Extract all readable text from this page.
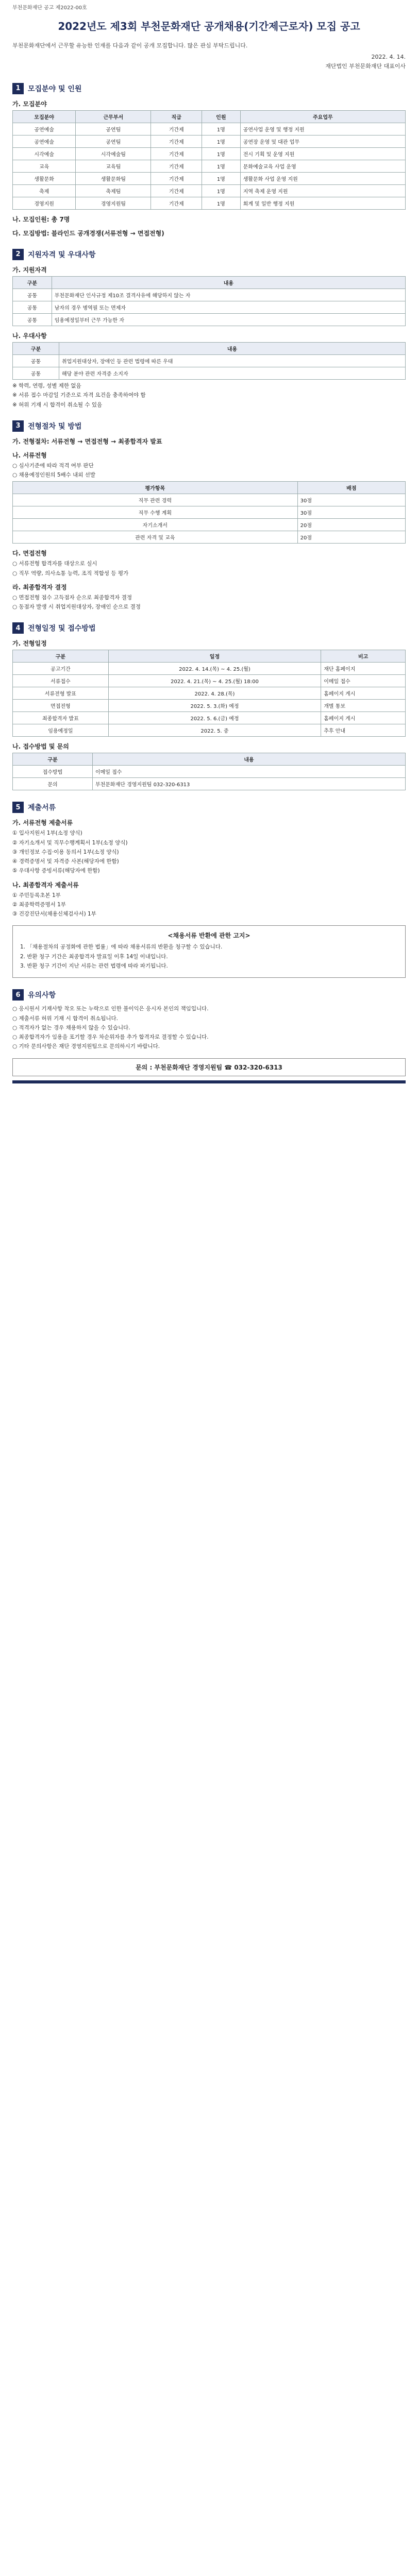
부천문화재단 공고 제2022-00호
2022년도 제3회 부천문화재단 공개채용(기간제근로자) 모집 공고
부천문화재단에서 근무할 유능한 인재를 다음과 같이 공개 모집합니다. 많은 관심 부탁드립니다.
2022. 4. 14.
재단법인 부천문화재단 대표이사
1	모집분야 및 인원
가. 모집분야
모집분야	근무부서	직급	인원	주요업무
공연예술	공연팀	기간제	1명	공연사업 운영 및 행정 지원
공연예술	공연팀	기간제	1명	공연장 운영 및 대관 업무
시각예술	시각예술팀	기간제	1명	전시 기획 및 운영 지원
교육	교육팀	기간제	1명	문화예술교육 사업 운영
생활문화	생활문화팀	기간제	1명	생활문화 사업 운영 지원
축제	축제팀	기간제	1명	지역 축제 운영 지원
경영지원	경영지원팀	기간제	1명	회계 및 일반 행정 지원
나. 모집인원: 총 7명
다. 모집방법: 블라인드 공개경쟁(서류전형 → 면접전형)
2	지원자격 및 우대사항
가. 지원자격
구분	내용
공통	부천문화재단 인사규정 제10조 결격사유에 해당하지 않는 자
공통	남자의 경우 병역필 또는 면제자
공통	임용예정일부터 근무 가능한 자
나. 우대사항
구분	내용
공통	취업지원대상자, 장애인 등 관련 법령에 따른 우대
공통	해당 분야 관련 자격증 소지자
※ 학력, 연령, 성별 제한 없음
※ 서류 접수 마감일 기준으로 자격 요건을 충족하여야 함
※ 허위 기재 시 합격이 취소될 수 있음
3	전형절차 및 방법
가. 전형절차: 서류전형 → 면접전형 → 최종합격자 발표
나. 서류전형
○ 심사기준에 따라 적격 여부 판단
○ 채용예정인원의 5배수 내외 선발
평가항목	배점
직무 관련 경력	30점
직무 수행 계획	30점
자기소개서	20점
관련 자격 및 교육	20점
다. 면접전형
○ 서류전형 합격자를 대상으로 실시
○ 직무 역량, 의사소통 능력, 조직 적합성 등 평가
라. 최종합격자 결정
○ 면접전형 점수 고득점자 순으로 최종합격자 결정
○ 동점자 발생 시 취업지원대상자, 장애인 순으로 결정
4	전형일정 및 접수방법
가. 전형일정
구분	일정	비고
공고기간	2022. 4. 14.(목) ~ 4. 25.(월)	재단 홈페이지
서류접수	2022. 4. 21.(목) ~ 4. 25.(월) 18:00	이메일 접수
서류전형 발표	2022. 4. 28.(목)	홈페이지 게시
면접전형	2022. 5. 3.(화) 예정	개별 통보
최종합격자 발표	2022. 5. 6.(금) 예정	홈페이지 게시
임용예정일	2022. 5. 중	추후 안내
나. 접수방법 및 문의
구분	내용
접수방법	이메일 접수
문의	부천문화재단 경영지원팀 032-320-6313
5	제출서류
가. 서류전형 제출서류
① 입사지원서 1부(소정 양식)
② 자기소개서 및 직무수행계획서 1부(소정 양식)
③ 개인정보 수집·이용 동의서 1부(소정 양식)
④ 경력증명서 및 자격증 사본(해당자에 한함)
⑤ 우대사항 증빙서류(해당자에 한함)
나. 최종합격자 제출서류
① 주민등록초본 1부
② 최종학력증명서 1부
③ 건강진단서(채용신체검사서) 1부
<채용서류 반환에 관한 고지>
1. 「채용절차의 공정화에 관한 법률」에 따라 채용서류의 반환을 청구할 수 있습니다.
2. 반환 청구 기간은 최종합격자 발표일 이후 14일 이내입니다.
3. 반환 청구 기간이 지난 서류는 관련 법령에 따라 파기됩니다.
6	유의사항
○ 응시원서 기재사항 착오 또는 누락으로 인한 불이익은 응시자 본인의 책임입니다.
○ 제출서류 허위 기재 시 합격이 취소됩니다.
○ 적격자가 없는 경우 채용하지 않을 수 있습니다.
○ 최종합격자가 임용을 포기할 경우 차순위자를 추가 합격자로 결정할 수 있습니다.
○ 기타 문의사항은 재단 경영지원팀으로 문의하시기 바랍니다.
문의 : 부천문화재단 경영지원팀 ☎ 032-320-6313
